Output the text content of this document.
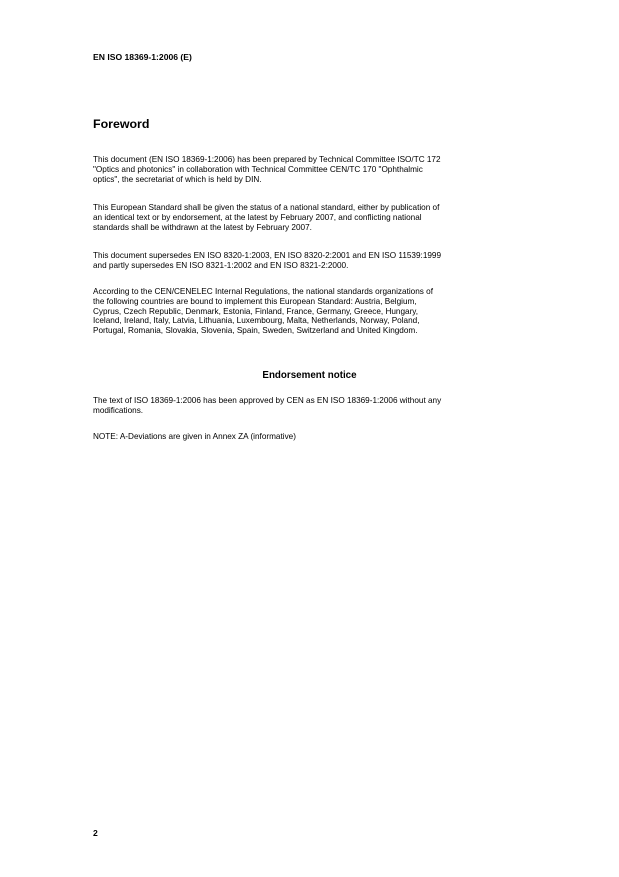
EN ISO 18369-1:2006 (E)
Foreword
This document (EN ISO 18369-1:2006) has been prepared by Technical Committee ISO/TC 172
"Optics and photonics" in collaboration with Technical Committee CEN/TC 170 "Ophthalmic
optics", the secretariat of which is held by DIN.
This European Standard shall be given the status of a national standard, either by publication of
an identical text or by endorsement, at the latest by February 2007, and conflicting national
standards shall be withdrawn at the latest by February 2007.
This document supersedes EN ISO 8320-1:2003, EN ISO 8320-2:2001 and EN ISO 11539:1999
and partly supersedes EN ISO 8321-1:2002 and EN ISO 8321-2:2000.
According to the CEN/CENELEC Internal Regulations, the national standards organizations of
the following countries are bound to implement this European Standard: Austria, Belgium,
Cyprus, Czech Republic, Denmark, Estonia, Finland, France, Germany, Greece, Hungary,
Iceland, Ireland, Italy, Latvia, Lithuania, Luxembourg, Malta, Netherlands, Norway, Poland,
Portugal, Romania, Slovakia, Slovenia, Spain, Sweden, Switzerland and United Kingdom.
Endorsement notice
The text of ISO 18369-1:2006 has been approved by CEN as EN ISO 18369-1:2006 without any
modifications.
NOTE: A-Deviations are given in Annex ZA (informative)
2
